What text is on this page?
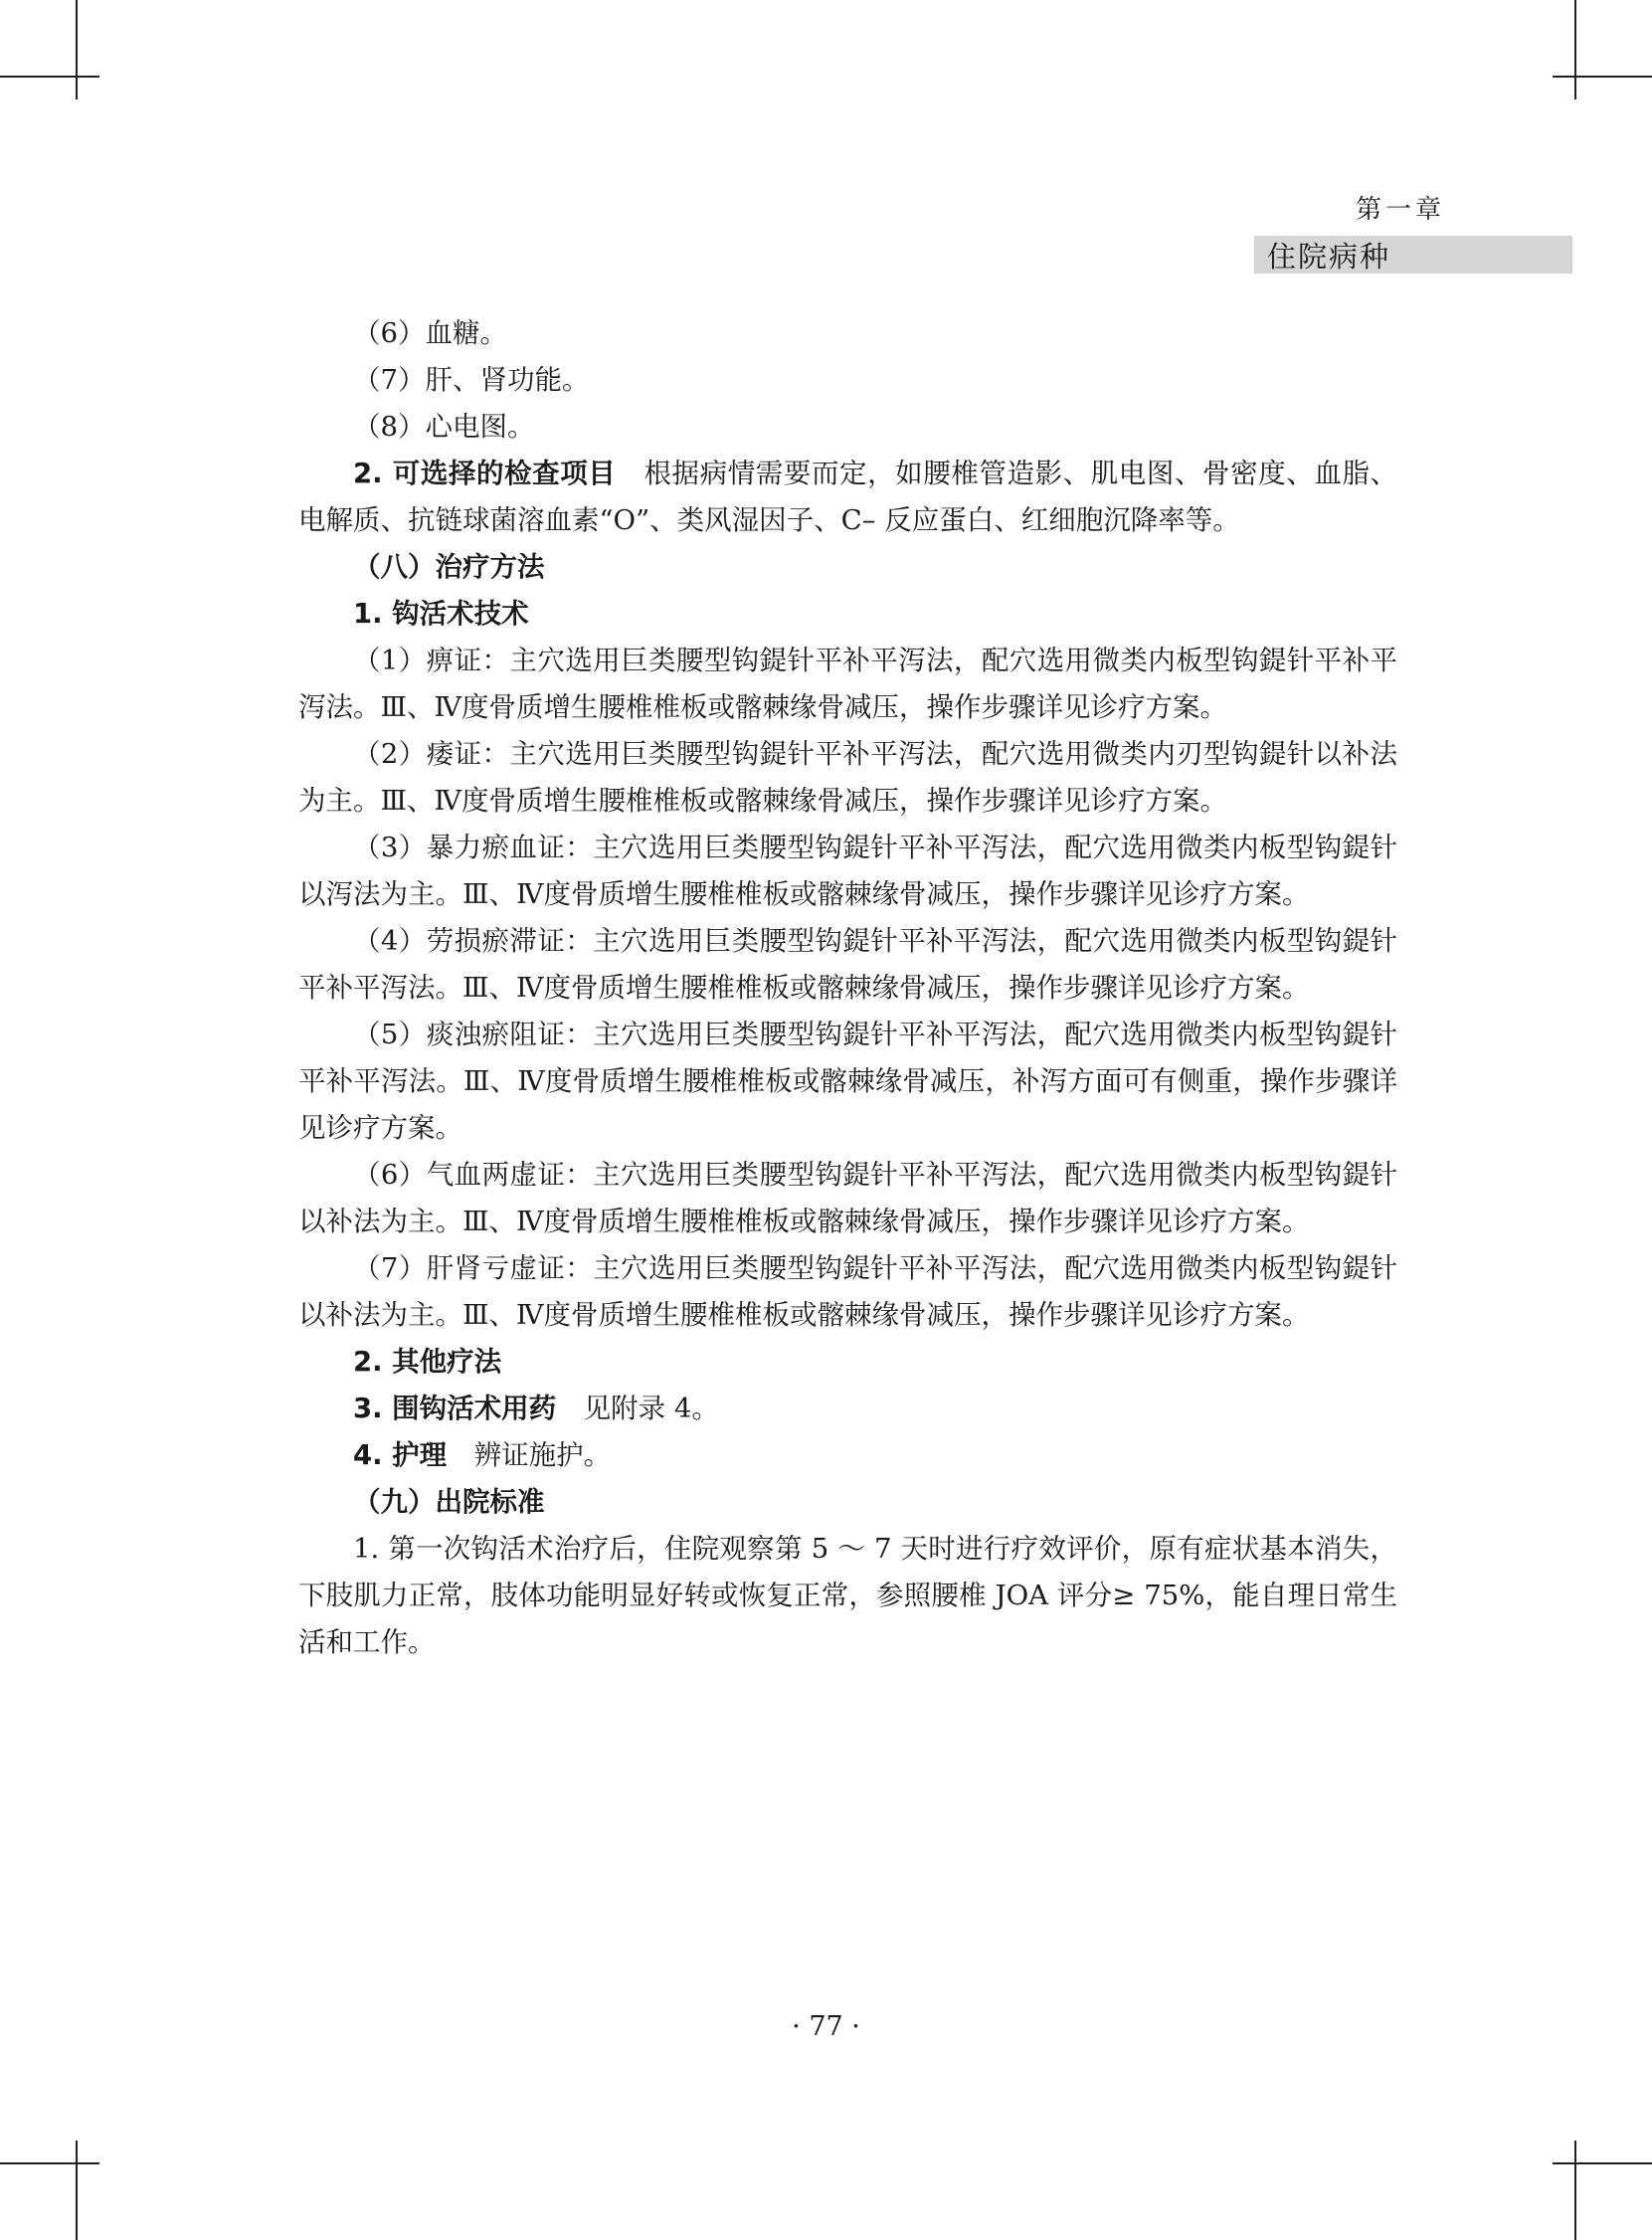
第一章
住院病种

（6）血糖。

（7）肝、肾功能。

（8）心电图。

2. 可选择的检查项目　 根据病情需要而定，如腰椎管造影、肌电图、骨密度、血脂、电解质、抗链球菌溶血素“O”、类风湿因子、C– 反应蛋白、红细胞沉降率等。

（八）治疗方法

1. 钩活术技术

（1）痹证：主穴选用巨类腰型钩鍉针平补平泻法，配穴选用微类内板型钩鍉针平补平泻法。Ⅲ、Ⅳ度骨质增生腰椎椎板或髂棘缘骨减压，操作步骤详见诊疗方案。

（2）痿证：主穴选用巨类腰型钩鍉针平补平泻法，配穴选用微类内刃型钩鍉针以补法为主。Ⅲ、Ⅳ度骨质增生腰椎椎板或髂棘缘骨减压，操作步骤详见诊疗方案。

（3）暴力瘀血证：主穴选用巨类腰型钩鍉针平补平泻法，配穴选用微类内板型钩鍉针以泻法为主。Ⅲ、Ⅳ度骨质增生腰椎椎板或髂棘缘骨减压，操作步骤详见诊疗方案。

（4）劳损瘀滞证：主穴选用巨类腰型钩鍉针平补平泻法，配穴选用微类内板型钩鍉针平补平泻法。Ⅲ、Ⅳ度骨质增生腰椎椎板或髂棘缘骨减压，操作步骤详见诊疗方案。

（5）痰浊瘀阻证：主穴选用巨类腰型钩鍉针平补平泻法，配穴选用微类内板型钩鍉针平补平泻法。Ⅲ、Ⅳ度骨质增生腰椎椎板或髂棘缘骨减压，补泻方面可有侧重，操作步骤详见诊疗方案。

（6）气血两虚证：主穴选用巨类腰型钩鍉针平补平泻法，配穴选用微类内板型钩鍉针以补法为主。Ⅲ、Ⅳ度骨质增生腰椎椎板或髂棘缘骨减压，操作步骤详见诊疗方案。

（7）肝肾亏虚证：主穴选用巨类腰型钩鍉针平补平泻法，配穴选用微类内板型钩鍉针以补法为主。Ⅲ、Ⅳ度骨质增生腰椎椎板或髂棘缘骨减压，操作步骤详见诊疗方案。

2. 其他疗法

3. 围钩活术用药　 见附录 4。

4. 护理　 辨证施护。

（九）出院标准

1. 第一次钩活术治疗后，住院观察第 5 ～ 7 天时进行疗效评价，原有症状基本消失，下肢肌力正常，肢体功能明显好转或恢复正常，参照腰椎 JOA 评分≥ 75%，能自理日常生活和工作。

· 77 ·
